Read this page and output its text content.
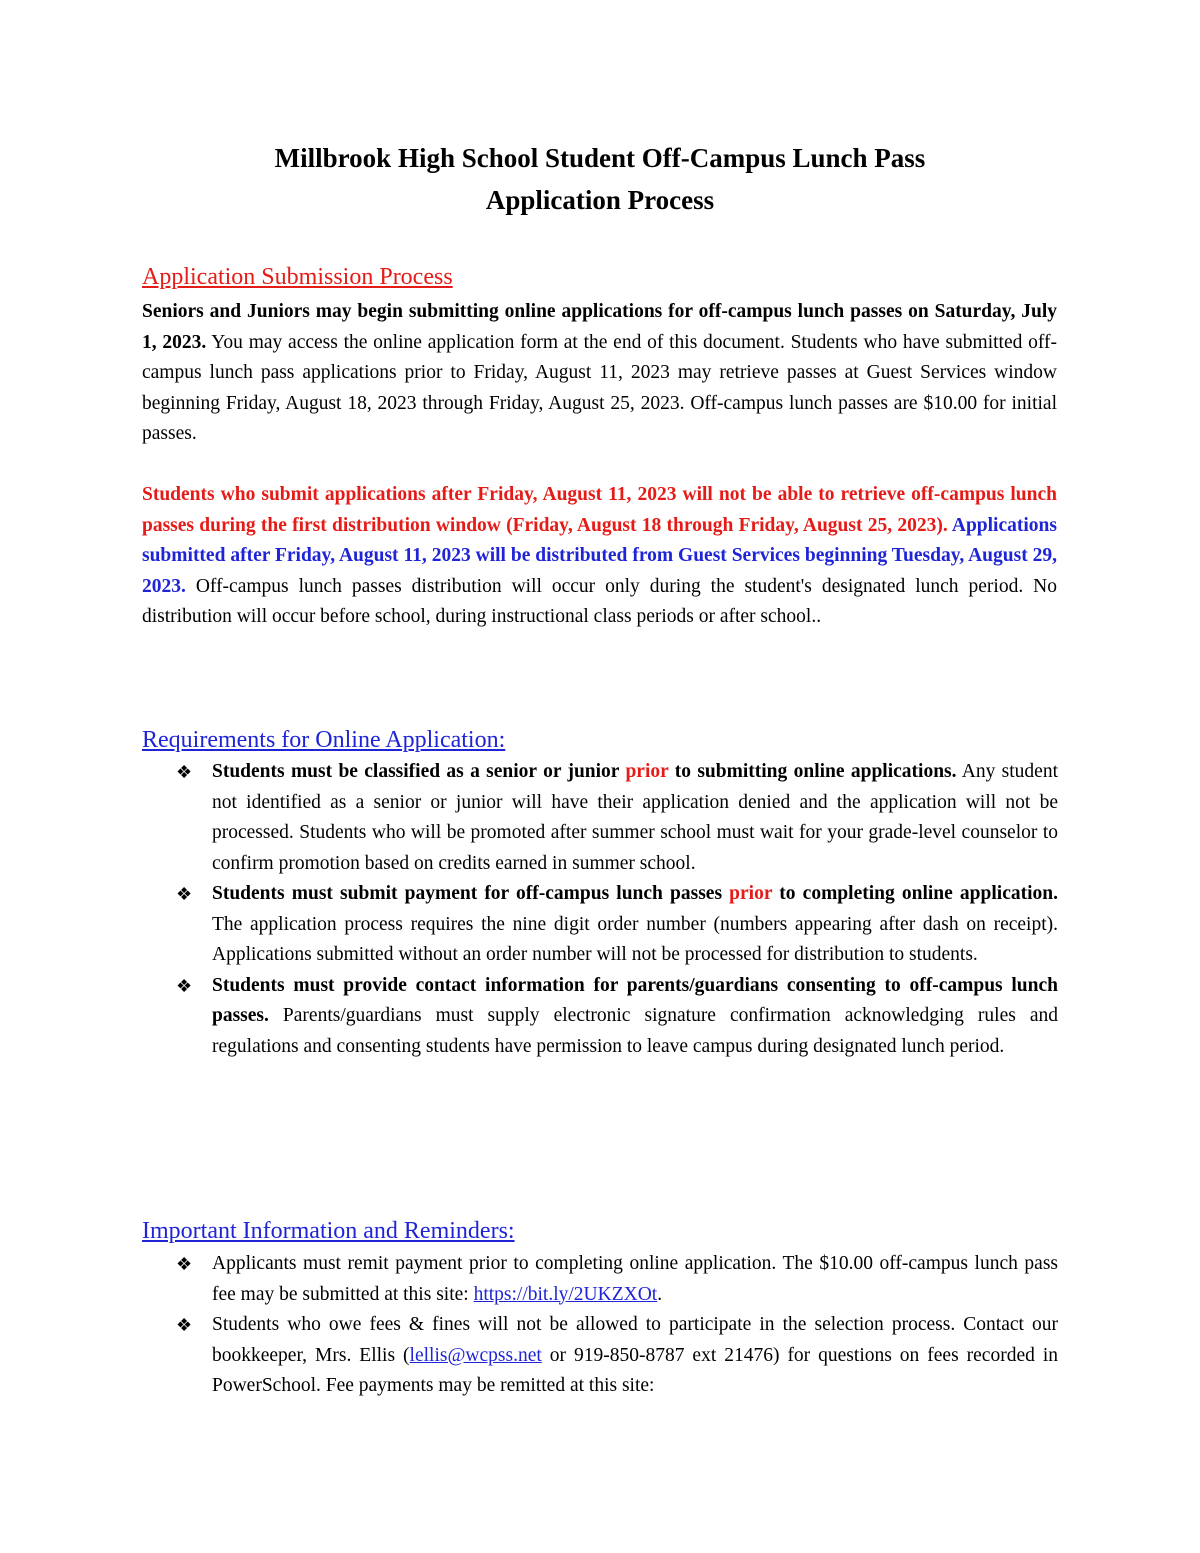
Millbrook High School Student Off-Campus Lunch Pass
Application Process
Application Submission Process
Seniors and Juniors may begin submitting online applications for off-campus lunch passes on Saturday, July 1, 2023. You may access the online application form at the end of this document. Students who have submitted off-campus lunch pass applications prior to Friday, August 11, 2023 may retrieve passes at Guest Services window beginning Friday, August 18, 2023 through Friday, August 25, 2023. Off-campus lunch passes are $10.00 for initial passes.
Students who submit applications after Friday, August 11, 2023 will not be able to retrieve off-campus lunch passes during the first distribution window (Friday, August 18 through Friday, August 25, 2023). Applications submitted after Friday, August 11, 2023 will be distributed from Guest Services beginning Tuesday, August 29, 2023. Off-campus lunch passes distribution will occur only during the student's designated lunch period. No distribution will occur before school, during instructional class periods or after school..
Requirements for Online Application:
❖ Students must be classified as a senior or junior prior to submitting online applications. Any student not identified as a senior or junior will have their application denied and the application will not be processed. Students who will be promoted after summer school must wait for your grade-level counselor to confirm promotion based on credits earned in summer school.
❖ Students must submit payment for off-campus lunch passes prior to completing online application. The application process requires the nine digit order number (numbers appearing after dash on receipt). Applications submitted without an order number will not be processed for distribution to students.
❖ Students must provide contact information for parents/guardians consenting to off-campus lunch passes. Parents/guardians must supply electronic signature confirmation acknowledging rules and regulations and consenting students have permission to leave campus during designated lunch period.
Important Information and Reminders:
❖ Applicants must remit payment prior to completing online application. The $10.00 off-campus lunch pass fee may be submitted at this site: https://bit.ly/2UKZXOt.
❖ Students who owe fees & fines will not be allowed to participate in the selection process. Contact our bookkeeper, Mrs. Ellis (lellis@wcpss.net or 919-850-8787 ext 21476) for questions on fees recorded in PowerSchool. Fee payments may be remitted at this site:
